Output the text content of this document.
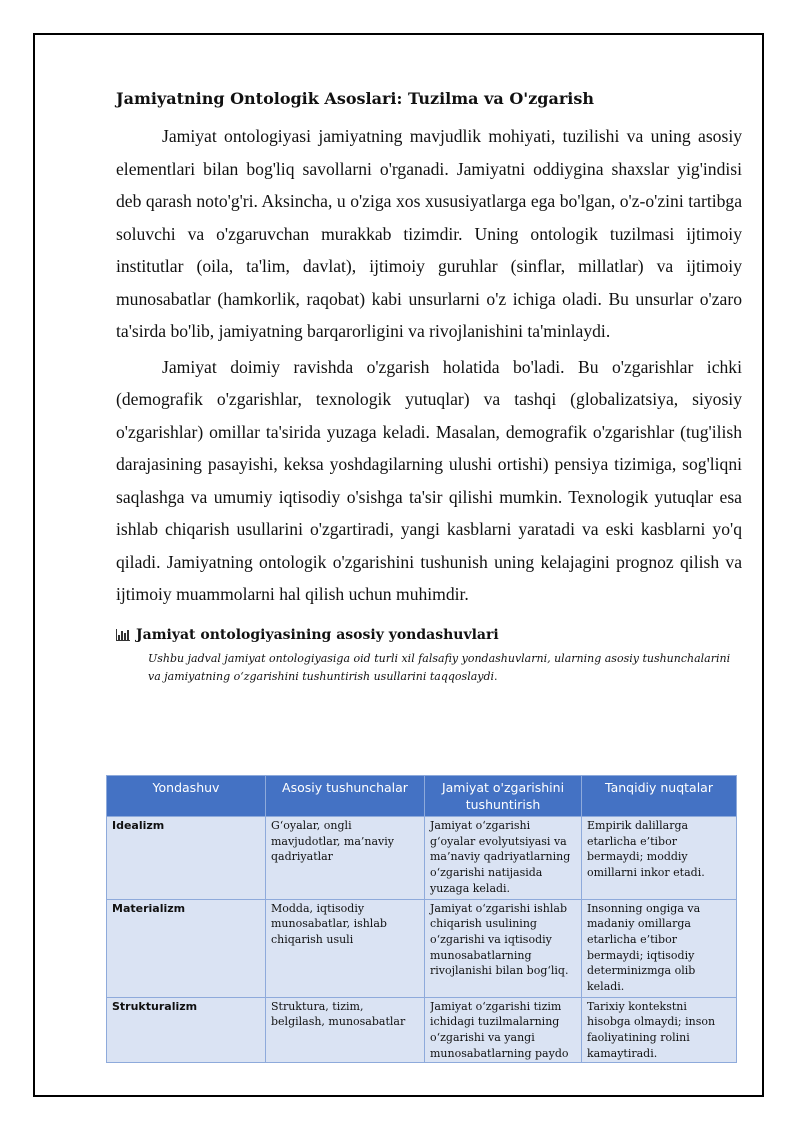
Jamiyatning Ontologik Asoslari: Tuzilma va O'zgarish

Jamiyat ontologiyasi jamiyatning mavjudlik mohiyati, tuzilishi va uning asosiy elementlari bilan bog'liq savollarni o'rganadi. Jamiyatni oddiygina shaxslar yig'indisi deb qarash noto'g'ri. Aksincha, u o'ziga xos xususiyatlarga ega bo'lgan, o'z-o'zini tartibga soluvchi va o'zgaruvchan murakkab tizimdir. Uning ontologik tuzilmasi ijtimoiy institutlar (oila, ta'lim, davlat), ijtimoiy guruhlar (sinflar, millatlar) va ijtimoiy munosabatlar (hamkorlik, raqobat) kabi unsurlarni o'z ichiga oladi. Bu unsurlar o'zaro ta'sirda bo'lib, jamiyatning barqarorligini va rivojlanishini ta'minlaydi.

Jamiyat doimiy ravishda o'zgarish holatida bo'ladi. Bu o'zgarishlar ichki (demografik o'zgarishlar, texnologik yutuqlar) va tashqi (globalizatsiya, siyosiy o'zgarishlar) omillar ta'sirida yuzaga keladi. Masalan, demografik o'zgarishlar (tug'ilish darajasining pasayishi, keksa yoshdagilarning ulushi ortishi) pensiya tizimiga, sog'liqni saqlashga va umumiy iqtisodiy o'sishga ta'sir qilishi mumkin. Texnologik yutuqlar esa ishlab chiqarish usullarini o'zgartiradi, yangi kasblarni yaratadi va eski kasblarni yo'q qiladi. Jamiyatning ontologik o'zgarishini tushunish uning kelajagini prognoz qilish va ijtimoiy muammolarni hal qilish uchun muhimdir.

Jamiyat ontologiyasining asosiy yondashuvlari
Ushbu jadval jamiyat ontologiyasiga oid turli xil falsafiy yondashuvlarni, ularning asosiy tushunchalarini va jamiyatning o‘zgarishini tushuntirish usullarini taqqoslaydi.
Yondashuv	Asosiy tushunchalar	Jamiyat o'zgarishini tushuntirish	Tanqidiy nuqtalar
Idealizm	G‘oyalar, ongli mavjudotlar, ma’naviy qadriyatlar	Jamiyat o‘zgarishi g‘oyalar evolyutsiyasi va ma’naviy qadriyatlarning o‘zgarishi natijasida yuzaga keladi.	Empirik dalillarga etarlicha e’tibor bermaydi; moddiy omillarni inkor etadi.
Materializm	Modda, iqtisodiy munosabatlar, ishlab chiqarish usuli	Jamiyat o‘zgarishi ishlab chiqarish usulining o‘zgarishi va iqtisodiy munosabatlarning rivojlanishi bilan bog‘liq.	Insonning ongiga va madaniy omillarga etarlicha e’tibor bermaydi; iqtisodiy determinizmga olib keladi.

Strukturalizm	Struktura, tizim, belgilash, munosabatlar	Jamiyat o‘zgarishi tizim ichidagi tuzilmalarning o‘zgarishi va yangi munosabatlarning paydo	Tarixiy kontekstni hisobga olmaydi; inson faoliyatining rolini kamaytiradi.
